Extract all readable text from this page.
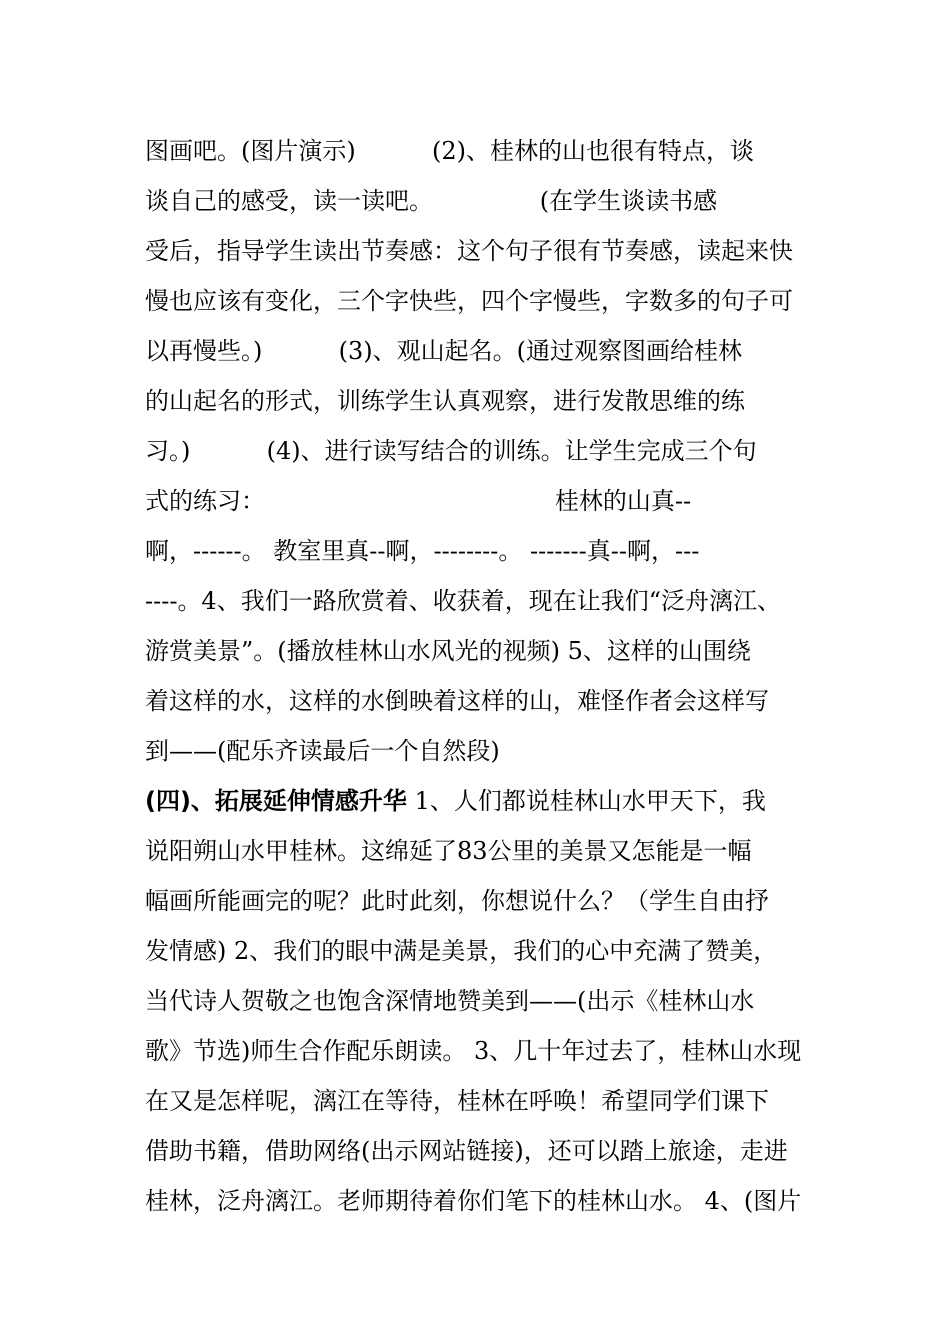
图画吧。(图片演示)          (2)、桂林的山也很有特点，谈
谈自己的感受，读一读吧。              (在学生谈读书感
受后，指导学生读出节奏感：这个句子很有节奏感，读起来快
慢也应该有变化，三个字快些，四个字慢些，字数多的句子可
以再慢些。)          (3)、观山起名。(通过观察图画给桂林
的山起名的形式，训练学生认真观察，进行发散思维的练
习。)          (4)、进行读写结合的训练。让学生完成三个句
式的练习：                                      桂林的山真--
啊，------。 教室里真--啊，--------。 -------真--啊，---
----。4、我们一路欣赏着、收获着，现在让我们“泛舟漓江、
游赏美景”。(播放桂林山水风光的视频) 5、这样的山围绕
着这样的水，这样的水倒映着这样的山，难怪作者会这样写
到——(配乐齐读最后一个自然段)
(四)、拓展延伸情感升华 1、人们都说桂林山水甲天下，我
说阳朔山水甲桂林。这绵延了83公里的美景又怎能是一幅
幅画所能画完的呢？此时此刻，你想说什么？（学生自由抒
发情感) 2、我们的眼中满是美景，我们的心中充满了赞美，
当代诗人贺敬之也饱含深情地赞美到——(出示《桂林山水
歌》节选)师生合作配乐朗读。 3、几十年过去了，桂林山水现
在又是怎样呢，漓江在等待，桂林在呼唤！希望同学们课下
借助书籍，借助网络(出示网站链接)，还可以踏上旅途，走进
桂林，泛舟漓江。老师期待着你们笔下的桂林山水。 4、(图片
